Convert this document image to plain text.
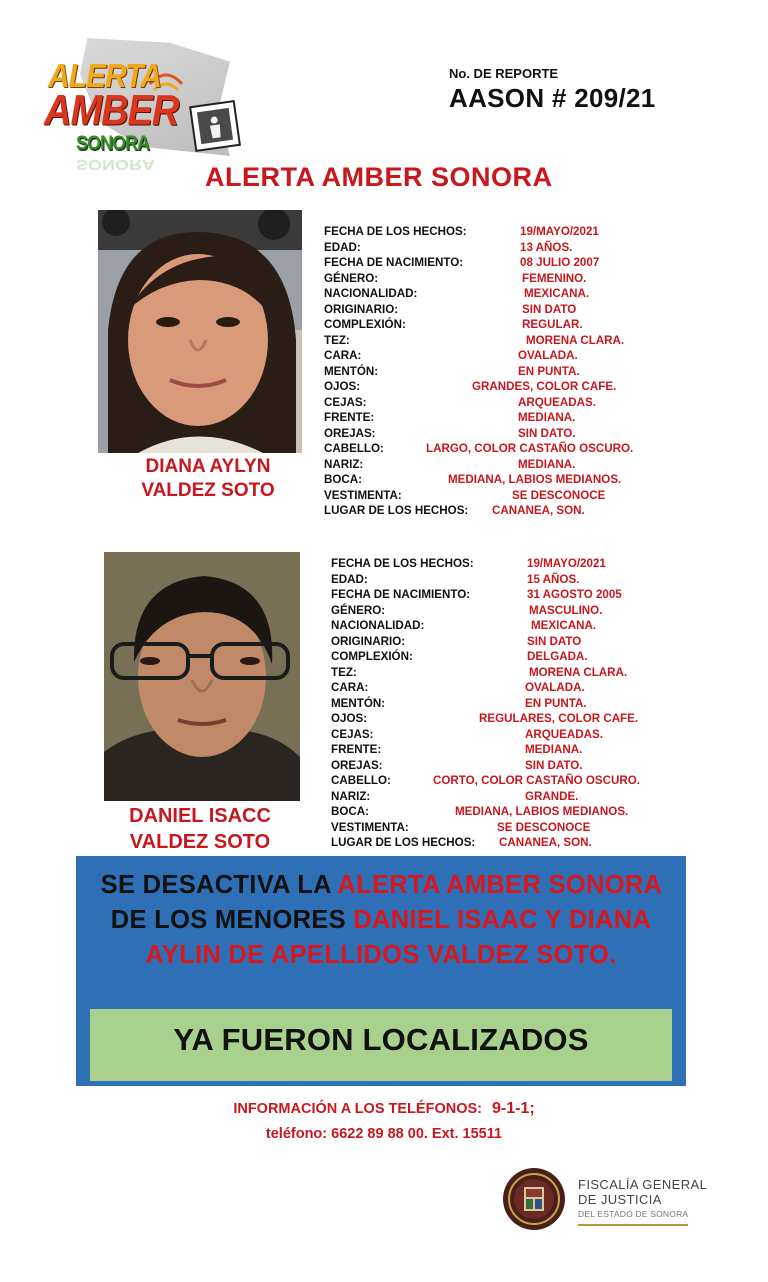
ALERTA
AMBER
SONORA
SONORA
No. DE REPORTE
AASON # 209/21
ALERTA AMBER SONORA
DIANA AYLYN
VALDEZ SOTO
FECHA DE LOS HECHOS:	19/MAYO/2021
EDAD:	13 AÑOS.
FECHA DE NACIMIENTO:	08 JULIO 2007
GÉNERO:	FEMENINO.
NACIONALIDAD:	MEXICANA.
ORIGINARIO:	SIN DATO
COMPLEXIÓN:	REGULAR.
TEZ:	MORENA CLARA.
CARA:	OVALADA.
MENTÓN:	EN PUNTA.
OJOS:	GRANDES, COLOR CAFE.
CEJAS:	ARQUEADAS.
FRENTE:	MEDIANA.
OREJAS:	SIN DATO.
CABELLO:	LARGO, COLOR CASTAÑO OSCURO.
NARIZ:	MEDIANA.
BOCA:	MEDIANA, LABIOS MEDIANOS.
VESTIMENTA:	SE DESCONOCE
LUGAR DE LOS HECHOS: CANANEA, SON.
DANIEL ISACC
VALDEZ SOTO
FECHA DE LOS HECHOS:	19/MAYO/2021
EDAD:	15 AÑOS.
FECHA DE NACIMIENTO:	31 AGOSTO 2005
GÉNERO:	MASCULINO.
NACIONALIDAD:	MEXICANA.
ORIGINARIO:	SIN DATO
COMPLEXIÓN:	DELGADA.
TEZ:	MORENA CLARA.
CARA:	OVALADA.
MENTÓN:	EN PUNTA.
OJOS:	REGULARES, COLOR CAFE.
CEJAS:	ARQUEADAS.
FRENTE:	MEDIANA.
OREJAS:	SIN DATO.
CABELLO:	CORTO, COLOR CASTAÑO OSCURO.
NARIZ:	GRANDE.
BOCA:	MEDIANA, LABIOS MEDIANOS.
VESTIMENTA:	SE DESCONOCE
LUGAR DE LOS HECHOS: CANANEA, SON.
SE DESACTIVA LA ALERTA AMBER SONORA DE LOS MENORES DANIEL ISAAC Y DIANA AYLIN DE APELLIDOS VALDEZ SOTO.
YA FUERON LOCALIZADOS
INFORMACIÓN A LOS TELÉFONOS: 9-1-1;
teléfono: 6622 89 88 00. Ext. 15511
FISCALÍA GENERAL
DE JUSTICIA
DEL ESTADO DE SONORA
